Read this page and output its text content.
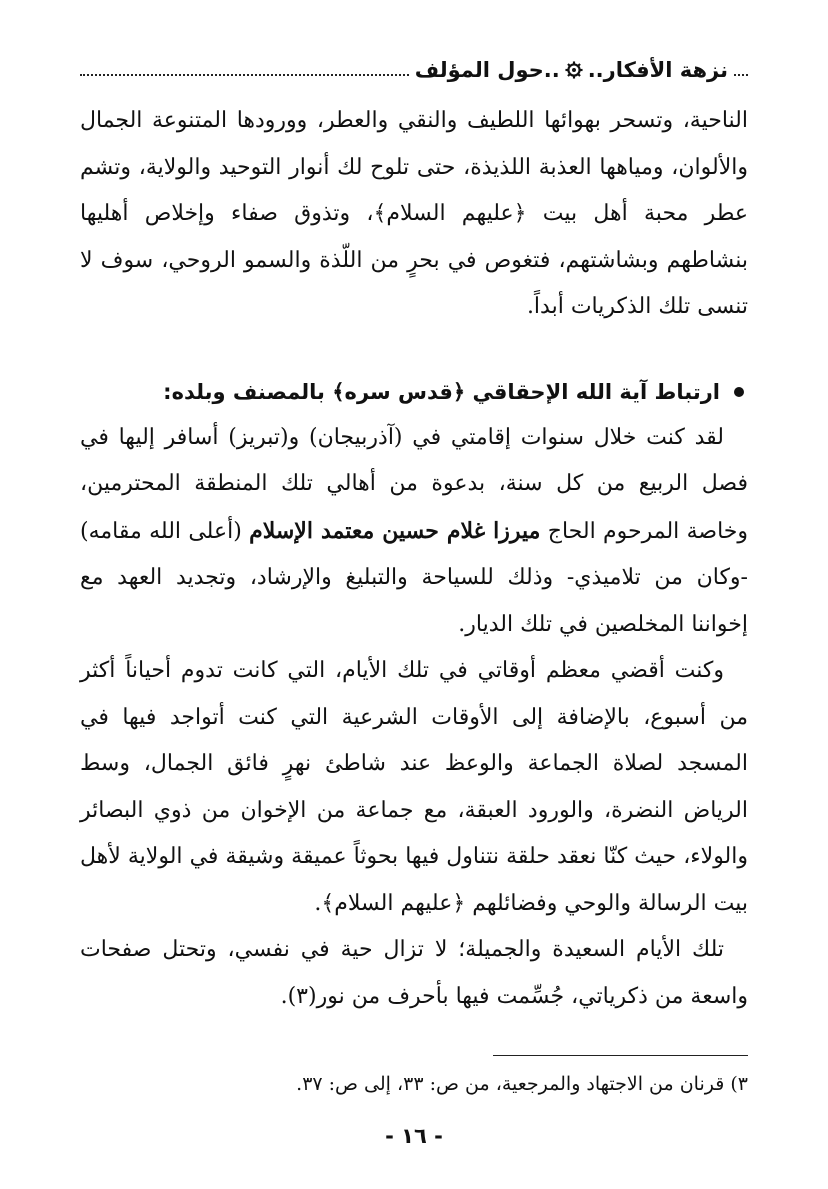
نزهة الأفكار..
..حول المؤلف

الناحية، وتسحر بهوائها اللطيف والنقي والعطر، وورودها المتنوعة الجمال والألوان، ومياهها العذبة اللذيذة، حتى تلوح لك أنوار التوحيد والولاية، وتشم عطر محبة أهل بيت ﴿عليهم السلام﴾، وتذوق صفاء وإخلاص أهليها بنشاطهم وبشاشتهم، فتغوص في بحرٍ من اللّذة والسمو الروحي، سوف لا تنسى تلك الذكريات أبداً.

ارتباط آية الله الإحقاقي ﴿قدس سره﴾ بالمصنف وبلده:

لقد كنت خلال سنوات إقامتي في (آذربيجان) و(تبريز) أسافر إليها في فصل الربيع من كل سنة، بدعوة من أهالي تلك المنطقة المحترمين، وخاصة المرحوم الحاج ميرزا غلام حسين معتمد الإسلام (أعلى الله مقامه) -وكان من تلاميذي- وذلك للسياحة والتبليغ والإرشاد، وتجديد العهد مع إخواننا المخلصين في تلك الديار.

وكنت أقضي معظم أوقاتي في تلك الأيام، التي كانت تدوم أحياناً أكثر من أسبوع، بالإضافة إلى الأوقات الشرعية التي كنت أتواجد فيها في المسجد لصلاة الجماعة والوعظ عند شاطئ نهرٍ فائق الجمال، وسط الرياض النضرة، والورود العبقة، مع جماعة من الإخوان من ذوي البصائر والولاء، حيث كنّا نعقد حلقة نتناول فيها بحوثاً عميقة وشيقة في الولاية لأهل بيت الرسالة والوحي وفضائلهم ﴿عليهم السلام﴾.

تلك الأيام السعيدة والجميلة؛ لا تزال حية في نفسي، وتحتل صفحات واسعة من ذكرياتي، جُسِّمت فيها بأحرف من نور(٣).

٣) قرنان من الاجتهاد والمرجعية، من ص: ٣٣، إلى ص: ٣٧.
- ١٦ -
